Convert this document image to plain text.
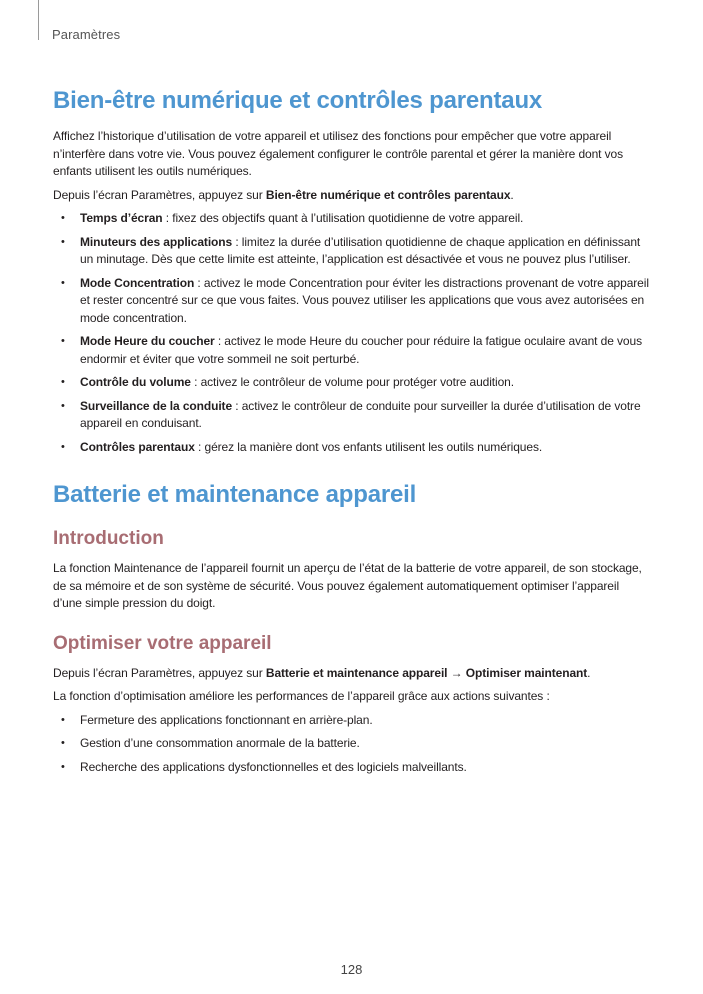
Paramètres
Bien-être numérique et contrôles parentaux

Affichez l’historique d’utilisation de votre appareil et utilisez des fonctions pour empêcher que votre appareil n’interfère dans votre vie. Vous pouvez également configurer le contrôle parental et gérer la manière dont vos enfants utilisent les outils numériques.

Depuis l’écran Paramètres, appuyez sur Bien-être numérique et contrôles parentaux.

• Temps d’écran : fixez des objectifs quant à l’utilisation quotidienne de votre appareil.
• Minuteurs des applications : limitez la durée d’utilisation quotidienne de chaque application en définissant un minutage. Dès que cette limite est atteinte, l’application est désactivée et vous ne pouvez plus l’utiliser.
• Mode Concentration : activez le mode Concentration pour éviter les distractions provenant de votre appareil et rester concentré sur ce que vous faites. Vous pouvez utiliser les applications que vous avez autorisées en mode concentration.
• Mode Heure du coucher : activez le mode Heure du coucher pour réduire la fatigue oculaire avant de vous endormir et éviter que votre sommeil ne soit perturbé.
• Contrôle du volume : activez le contrôleur de volume pour protéger votre audition.
• Surveillance de la conduite : activez le contrôleur de conduite pour surveiller la durée d’utilisation de votre appareil en conduisant.
• Contrôles parentaux : gérez la manière dont vos enfants utilisent les outils numériques.
Batterie et maintenance appareil
Introduction

La fonction Maintenance de l’appareil fournit un aperçu de l’état de la batterie de votre appareil, de son stockage, de sa mémoire et de son système de sécurité. Vous pouvez également automatiquement optimiser l’appareil d’une simple pression du doigt.

Optimiser votre appareil

Depuis l’écran Paramètres, appuyez sur Batterie et maintenance appareil → Optimiser maintenant.

La fonction d’optimisation améliore les performances de l’appareil grâce aux actions suivantes :

• Fermeture des applications fonctionnant en arrière-plan.
• Gestion d’une consommation anormale de la batterie.
• Recherche des applications dysfonctionnelles et des logiciels malveillants.
128
